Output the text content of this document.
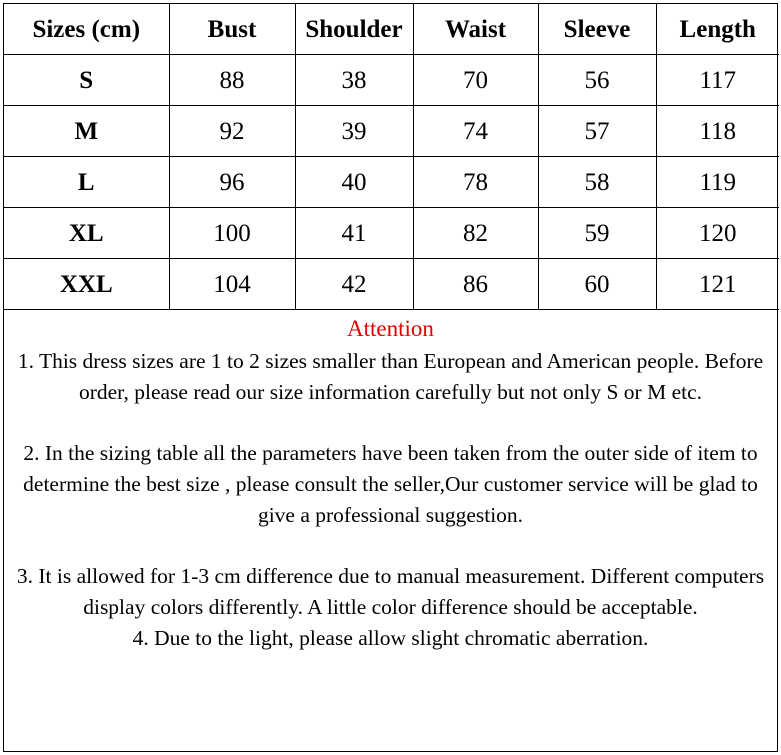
Sizes (cm)	Bust	Shoulder	Waist	Sleeve	Length
S	88	38	70	56	117
M	92	39	74	57	118
L	96	40	78	58	119
XL	100	41	82	59	120
XXL	104	42	86	60	121

Attention

1. This dress sizes are 1 to 2 sizes smaller than European and American people. Before order, please read our size information carefully but not only S or M etc.

2. In the sizing table all the parameters have been taken from the outer side of item to determine the best size , please consult the seller,Our customer service will be glad to give a professional suggestion.

3. It is allowed for 1-3 cm difference due to manual measurement. Different computers display colors differently. A little color difference should be acceptable.

4. Due to the light, please allow slight chromatic aberration.
